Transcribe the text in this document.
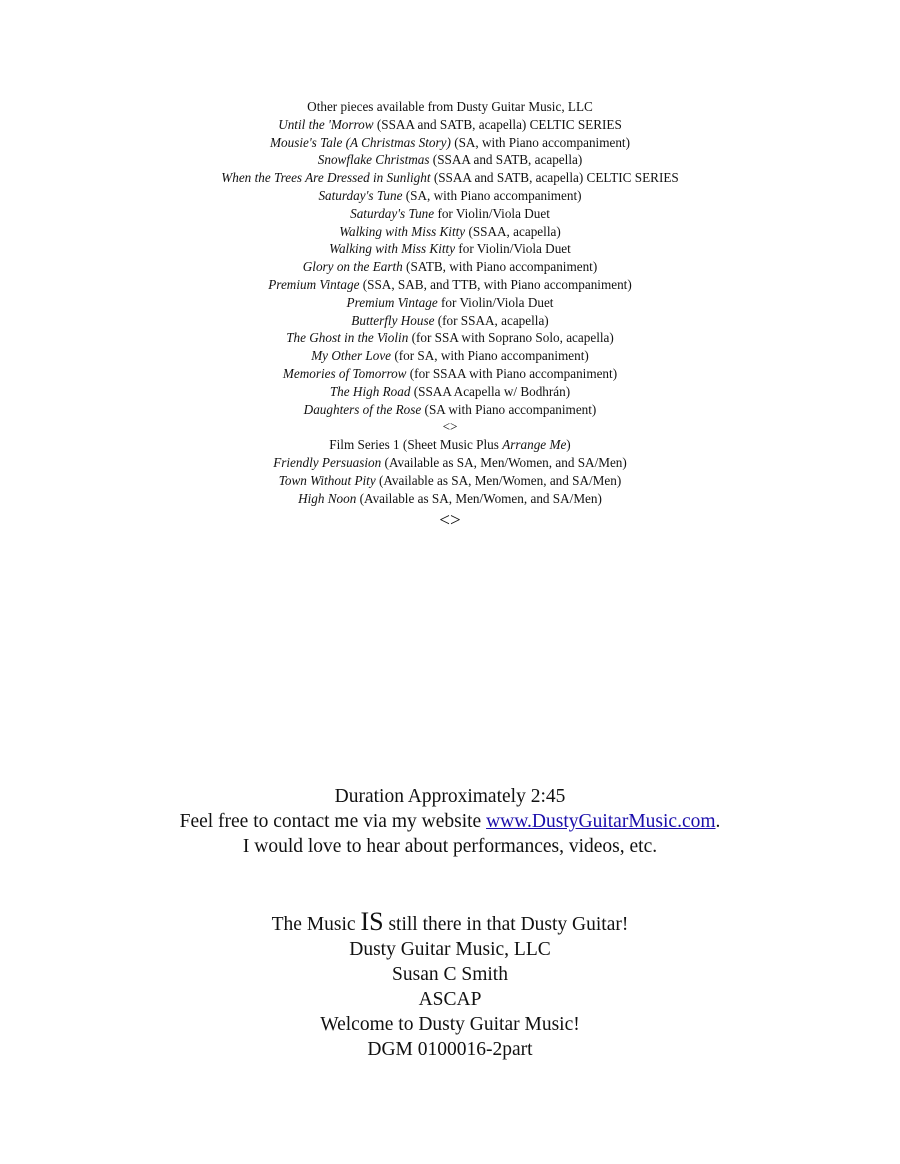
Other pieces available from Dusty Guitar Music, LLC
Until the 'Morrow (SSAA and SATB, acapella) CELTIC SERIES
Mousie's Tale (A Christmas Story) (SA, with Piano accompaniment)
Snowflake Christmas (SSAA and SATB, acapella)
When the Trees Are Dressed in Sunlight (SSAA and SATB, acapella) CELTIC SERIES
Saturday's Tune (SA, with Piano accompaniment)
Saturday's Tune for Violin/Viola Duet
Walking with Miss Kitty (SSAA, acapella)
Walking with Miss Kitty for Violin/Viola Duet
Glory on the Earth (SATB, with Piano accompaniment)
Premium Vintage (SSA, SAB, and TTB, with Piano accompaniment)
Premium Vintage for Violin/Viola Duet
Butterfly House (for SSAA, acapella)
The Ghost in the Violin (for SSA with Soprano Solo, acapella)
My Other Love (for SA, with Piano accompaniment)
Memories of Tomorrow (for SSAA with Piano accompaniment)
The High Road (SSAA Acapella w/ Bodhrán)
Daughters of the Rose (SA with Piano accompaniment)
<>
Film Series 1 (Sheet Music Plus Arrange Me)
Friendly Persuasion (Available as SA, Men/Women, and SA/Men)
Town Without Pity (Available as SA, Men/Women, and SA/Men)
High Noon (Available as SA, Men/Women, and SA/Men)
<>
Duration Approximately 2:45
Feel free to contact me via my website www.DustyGuitarMusic.com.
I would love to hear about performances, videos, etc.
The Music IS still there in that Dusty Guitar!
Dusty Guitar Music, LLC
Susan C Smith
ASCAP
Welcome to Dusty Guitar Music!
DGM 0100016-2part
